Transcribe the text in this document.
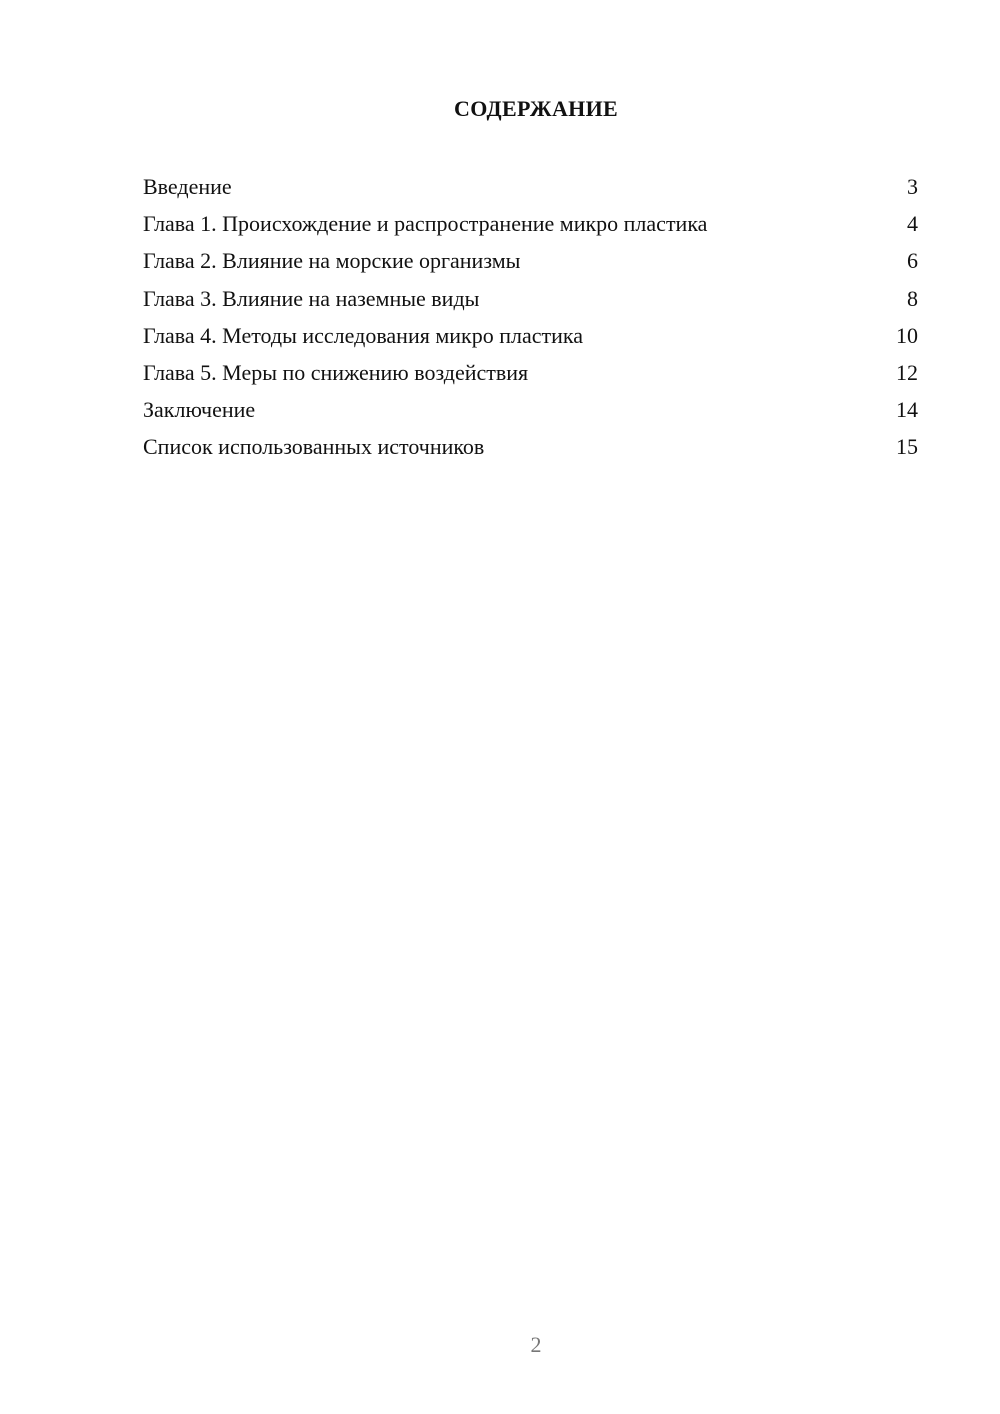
СОДЕРЖАНИЕ
Введение	3
Глава 1. Происхождение и распространение микро пластика	4
Глава 2. Влияние на морские организмы	6
Глава 3. Влияние на наземные виды	8
Глава 4. Методы исследования микро пластика	10
Глава 5. Меры по снижению воздействия	12
Заключение	14
Список использованных источников	15
2
